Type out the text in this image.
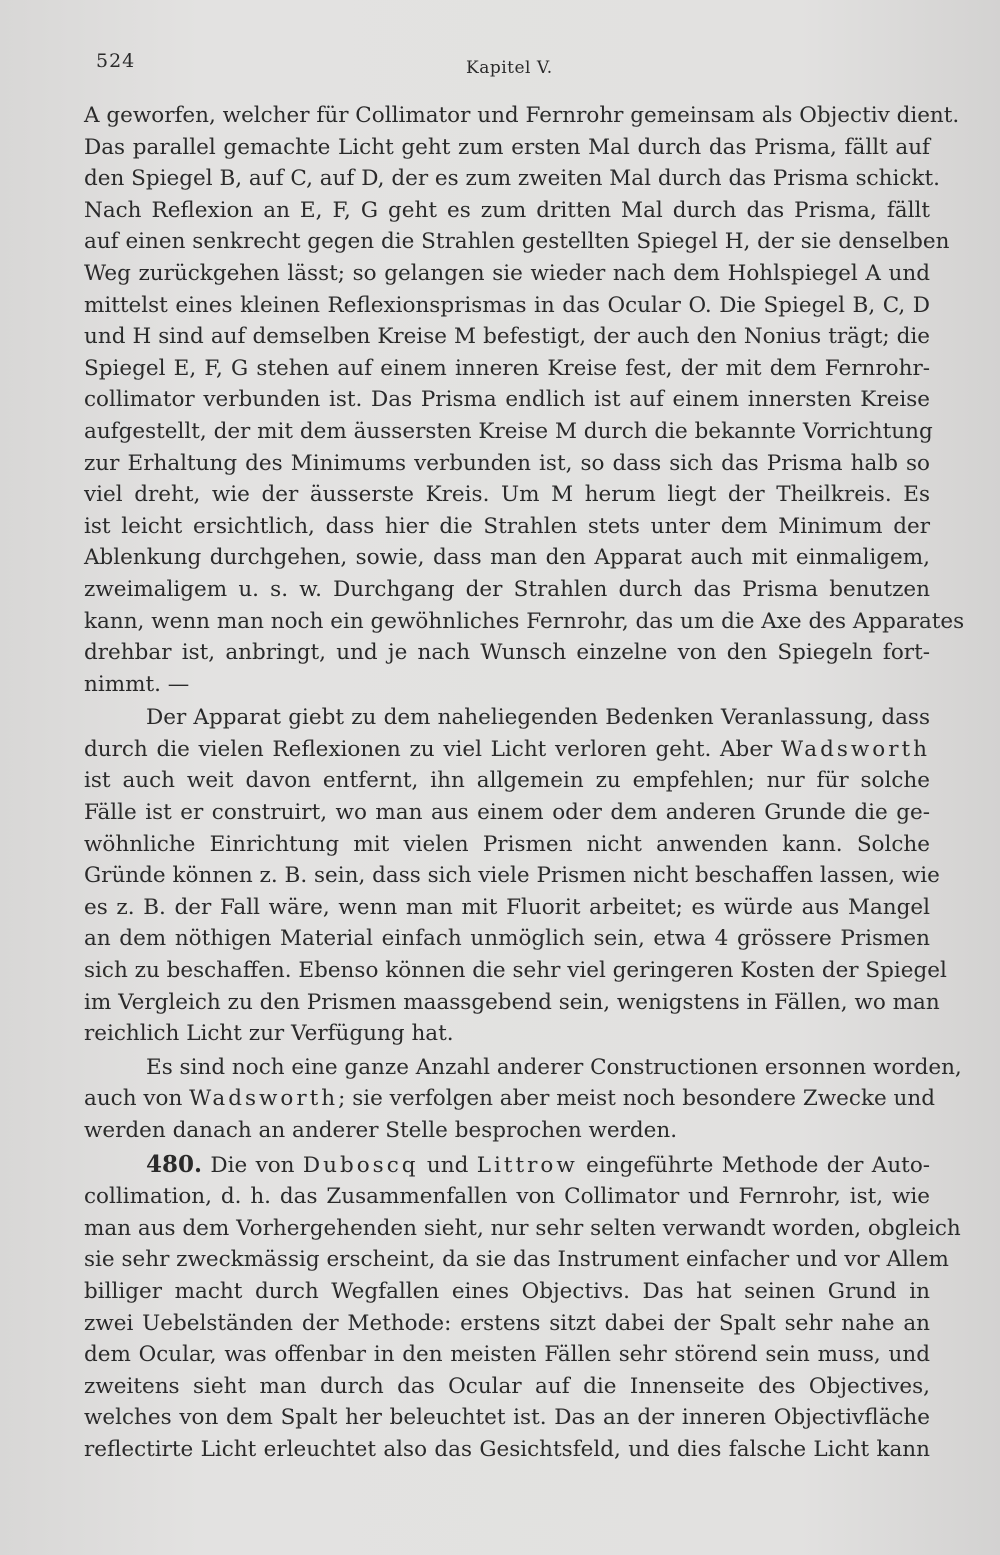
524	Kapitel V.
A geworfen, welcher für Collimator und Fernrohr gemeinsam als Objectiv dient.
Das parallel gemachte Licht geht zum ersten Mal durch das Prisma, fällt auf
den Spiegel B, auf C, auf D, der es zum zweiten Mal durch das Prisma schickt.
Nach Reflexion an E, F, G geht es zum dritten Mal durch das Prisma, fällt
auf einen senkrecht gegen die Strahlen gestellten Spiegel H, der sie denselben
Weg zurückgehen lässt; so gelangen sie wieder nach dem Hohlspiegel A und
mittelst eines kleinen Reflexionsprismas in das Ocular O. Die Spiegel B, C, D
und H sind auf demselben Kreise M befestigt, der auch den Nonius trägt; die
Spiegel E, F, G stehen auf einem inneren Kreise fest, der mit dem Fernrohr-
collimator verbunden ist. Das Prisma endlich ist auf einem innersten Kreise
aufgestellt, der mit dem äussersten Kreise M durch die bekannte Vorrichtung
zur Erhaltung des Minimums verbunden ist, so dass sich das Prisma halb so
viel dreht, wie der äusserste Kreis. Um M herum liegt der Theilkreis. Es
ist leicht ersichtlich, dass hier die Strahlen stets unter dem Minimum der
Ablenkung durchgehen, sowie, dass man den Apparat auch mit einmaligem,
zweimaligem u. s. w. Durchgang der Strahlen durch das Prisma benutzen
kann, wenn man noch ein gewöhnliches Fernrohr, das um die Axe des Apparates
drehbar ist, anbringt, und je nach Wunsch einzelne von den Spiegeln fort-
nimmt. —
Der Apparat giebt zu dem naheliegenden Bedenken Veranlassung, dass
durch die vielen Reflexionen zu viel Licht verloren geht. Aber Wadsworth
ist auch weit davon entfernt, ihn allgemein zu empfehlen; nur für solche
Fälle ist er construirt, wo man aus einem oder dem anderen Grunde die ge-
wöhnliche Einrichtung mit vielen Prismen nicht anwenden kann. Solche
Gründe können z. B. sein, dass sich viele Prismen nicht beschaffen lassen, wie
es z. B. der Fall wäre, wenn man mit Fluorit arbeitet; es würde aus Mangel
an dem nöthigen Material einfach unmöglich sein, etwa 4 grössere Prismen
sich zu beschaffen. Ebenso können die sehr viel geringeren Kosten der Spiegel
im Vergleich zu den Prismen maassgebend sein, wenigstens in Fällen, wo man
reichlich Licht zur Verfügung hat.
Es sind noch eine ganze Anzahl anderer Constructionen ersonnen worden,
auch von Wadsworth; sie verfolgen aber meist noch besondere Zwecke und
werden danach an anderer Stelle besprochen werden.
480. Die von Duboscq und Littrow eingeführte Methode der Auto-
collimation, d. h. das Zusammenfallen von Collimator und Fernrohr, ist, wie
man aus dem Vorhergehenden sieht, nur sehr selten verwandt worden, obgleich
sie sehr zweckmässig erscheint, da sie das Instrument einfacher und vor Allem
billiger macht durch Wegfallen eines Objectivs. Das hat seinen Grund in
zwei Uebelständen der Methode: erstens sitzt dabei der Spalt sehr nahe an
dem Ocular, was offenbar in den meisten Fällen sehr störend sein muss, und
zweitens sieht man durch das Ocular auf die Innenseite des Objectives,
welches von dem Spalt her beleuchtet ist. Das an der inneren Objectivfläche
reflectirte Licht erleuchtet also das Gesichtsfeld, und dies falsche Licht kann
